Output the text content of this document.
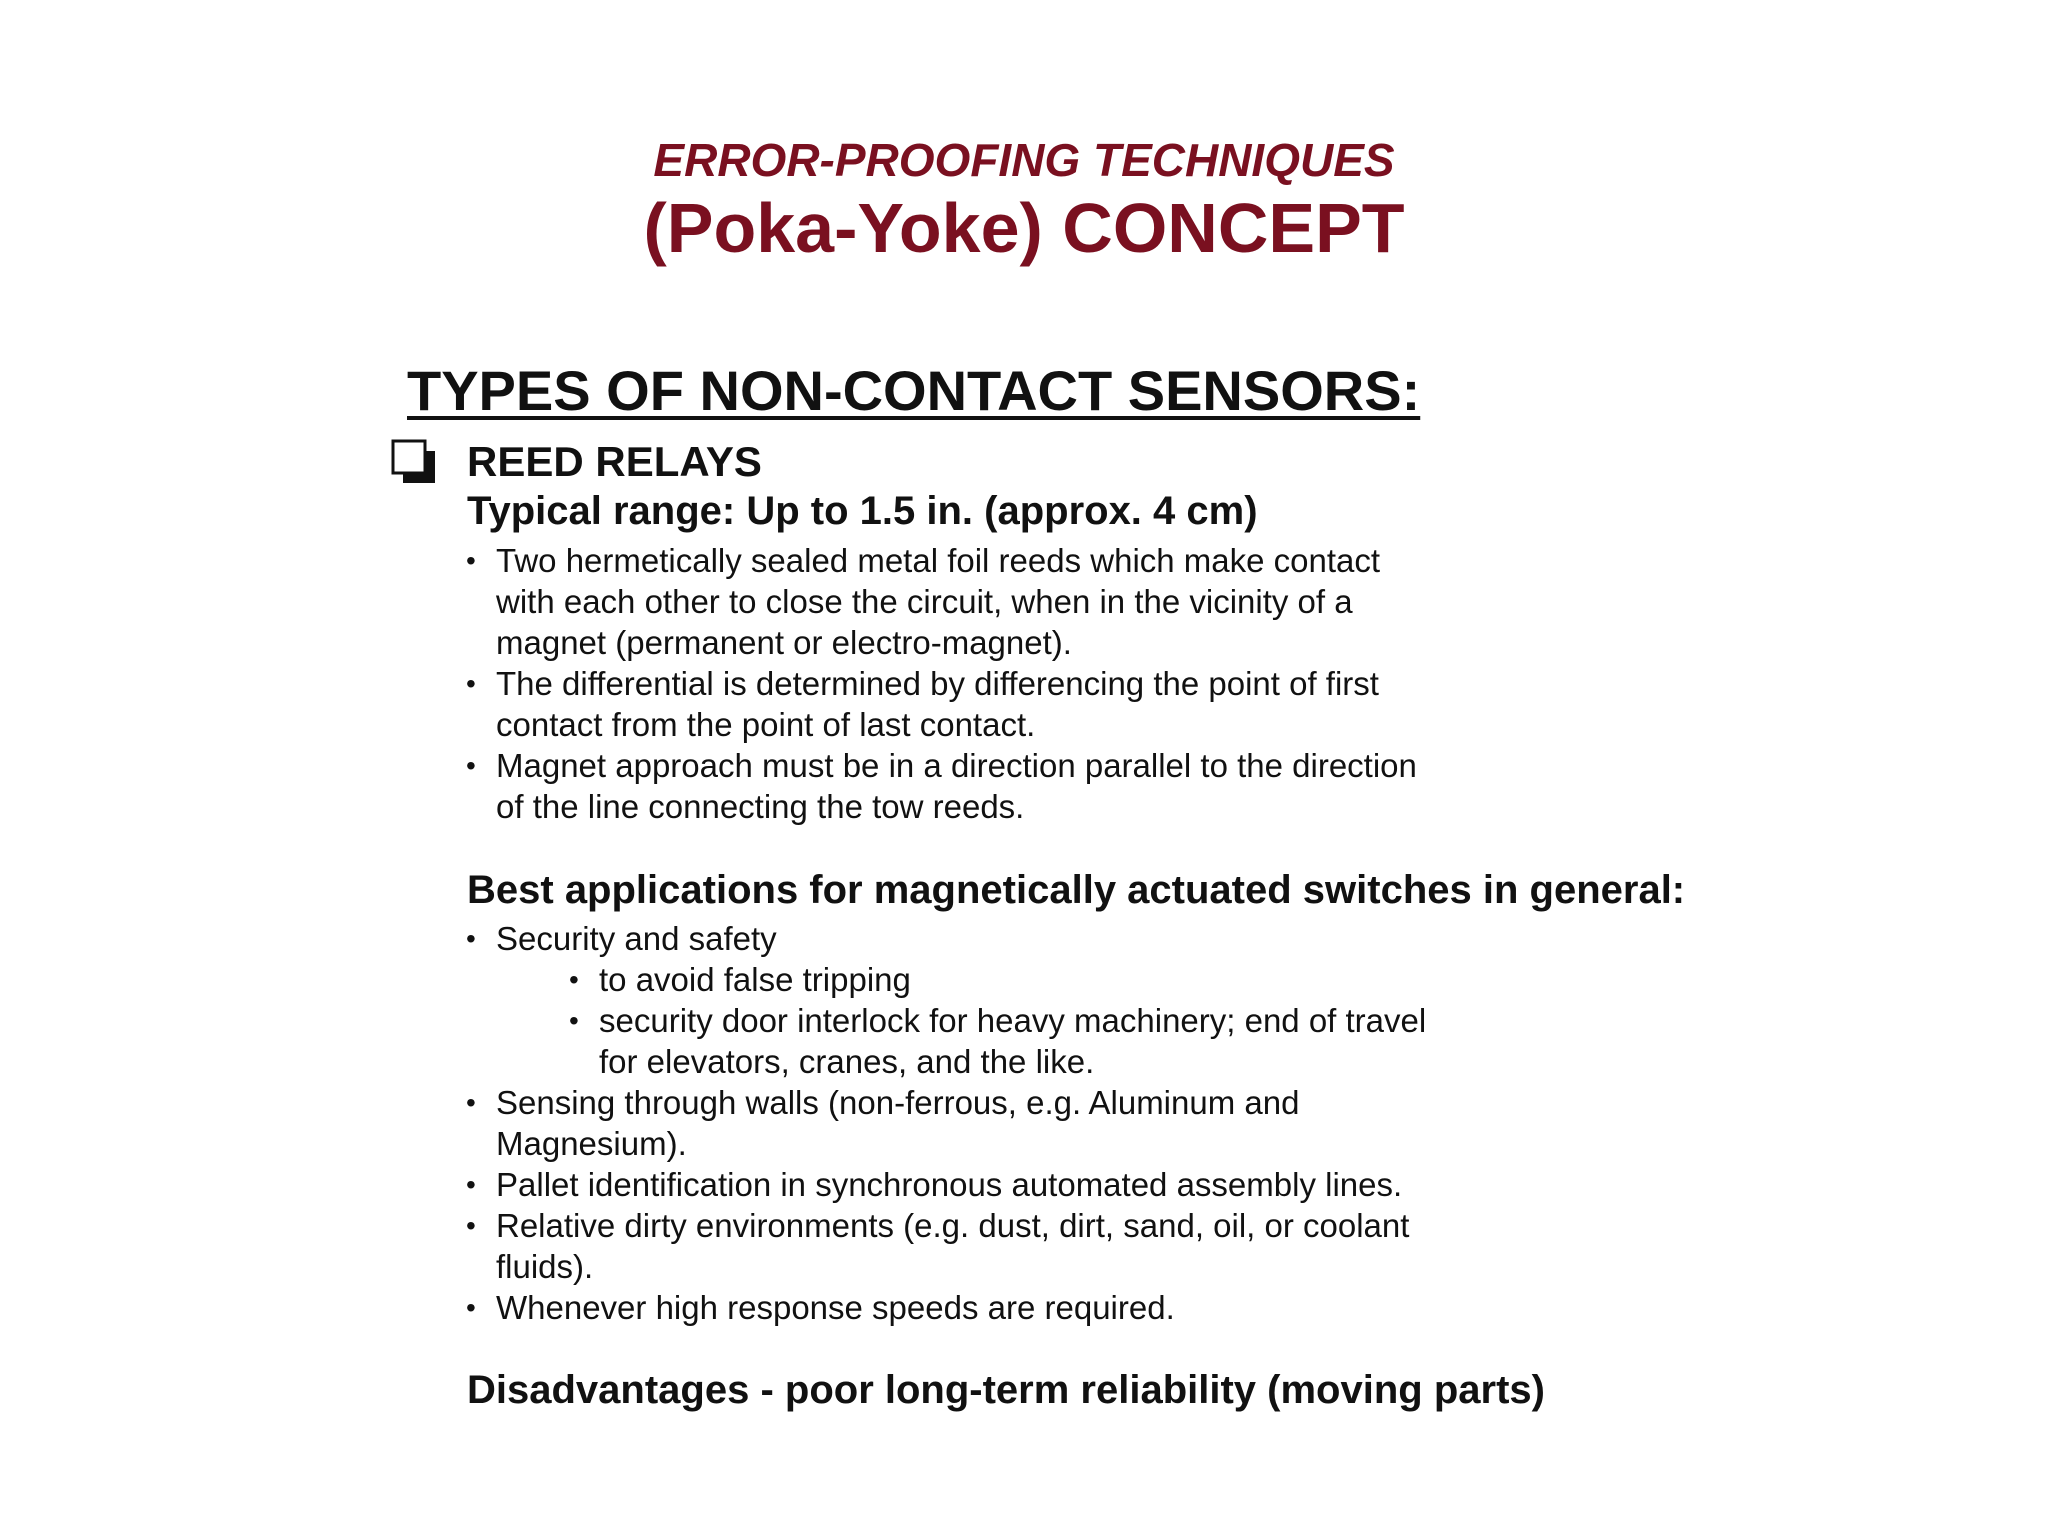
ERROR-PROOFING TECHNIQUES
(Poka-Yoke) CONCEPT
TYPES OF NON-CONTACT SENSORS:
REED RELAYS
Typical range: Up to 1.5 in. (approx. 4 cm)
• Two hermetically sealed metal foil reeds which make contact
with each other to close the circuit, when in the vicinity of a
magnet (permanent or electro-magnet).
• The differential is determined by differencing the point of first
contact from the point of last contact.
• Magnet approach must be in a direction parallel to the direction
of the line connecting the tow reeds.
Best applications for magnetically actuated switches in general:
• Security and safety
• to avoid false tripping
• security door interlock for heavy machinery; end of travel
for elevators, cranes, and the like.
• Sensing through walls (non-ferrous, e.g. Aluminum and
Magnesium).
• Pallet identification in synchronous automated assembly lines.
• Relative dirty environments (e.g. dust, dirt, sand, oil, or coolant
fluids).
• Whenever high response speeds are required.
Disadvantages - poor long-term reliability (moving parts)
